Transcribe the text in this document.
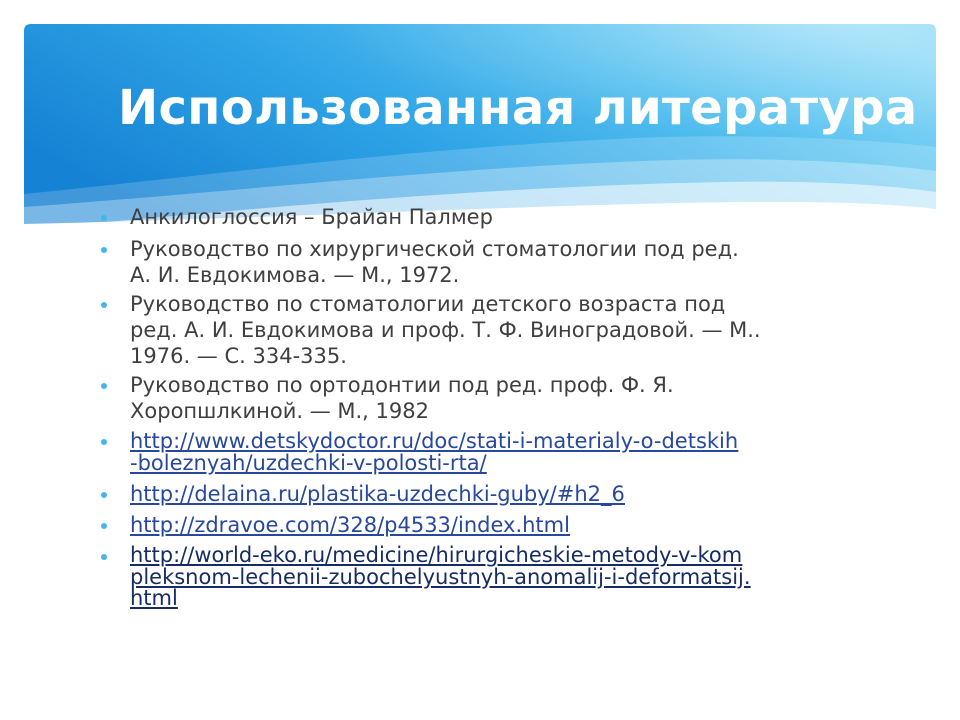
Использованная литература
Анкилоглоссия – Брайан Палмер
Руководство по хирургической стоматологии под ред.
А. И. Евдокимова. — М., 1972.
Руководство по стоматологии детского возраста под
ред. А. И. Евдокимова и проф. Т. Ф. Виноградовой. — М..
1976. — С. 334-335.
Руководство по ортодонтии под ред. проф. Ф. Я.
Хоропшлкиной. — М., 1982
http://www.detskydoctor.ru/doc/stati-i-materialy-o-detskih
-boleznyah/uzdechki-v-polosti-rta/
http://delaina.ru/plastika-uzdechki-guby/#h2_6
http://zdravoe.com/328/p4533/index.html
http://world-eko.ru/medicine/hirurgicheskie-metody-v-kom
pleksnom-lechenii-zubochelyustnyh-anomalij-i-deformatsij.
html
